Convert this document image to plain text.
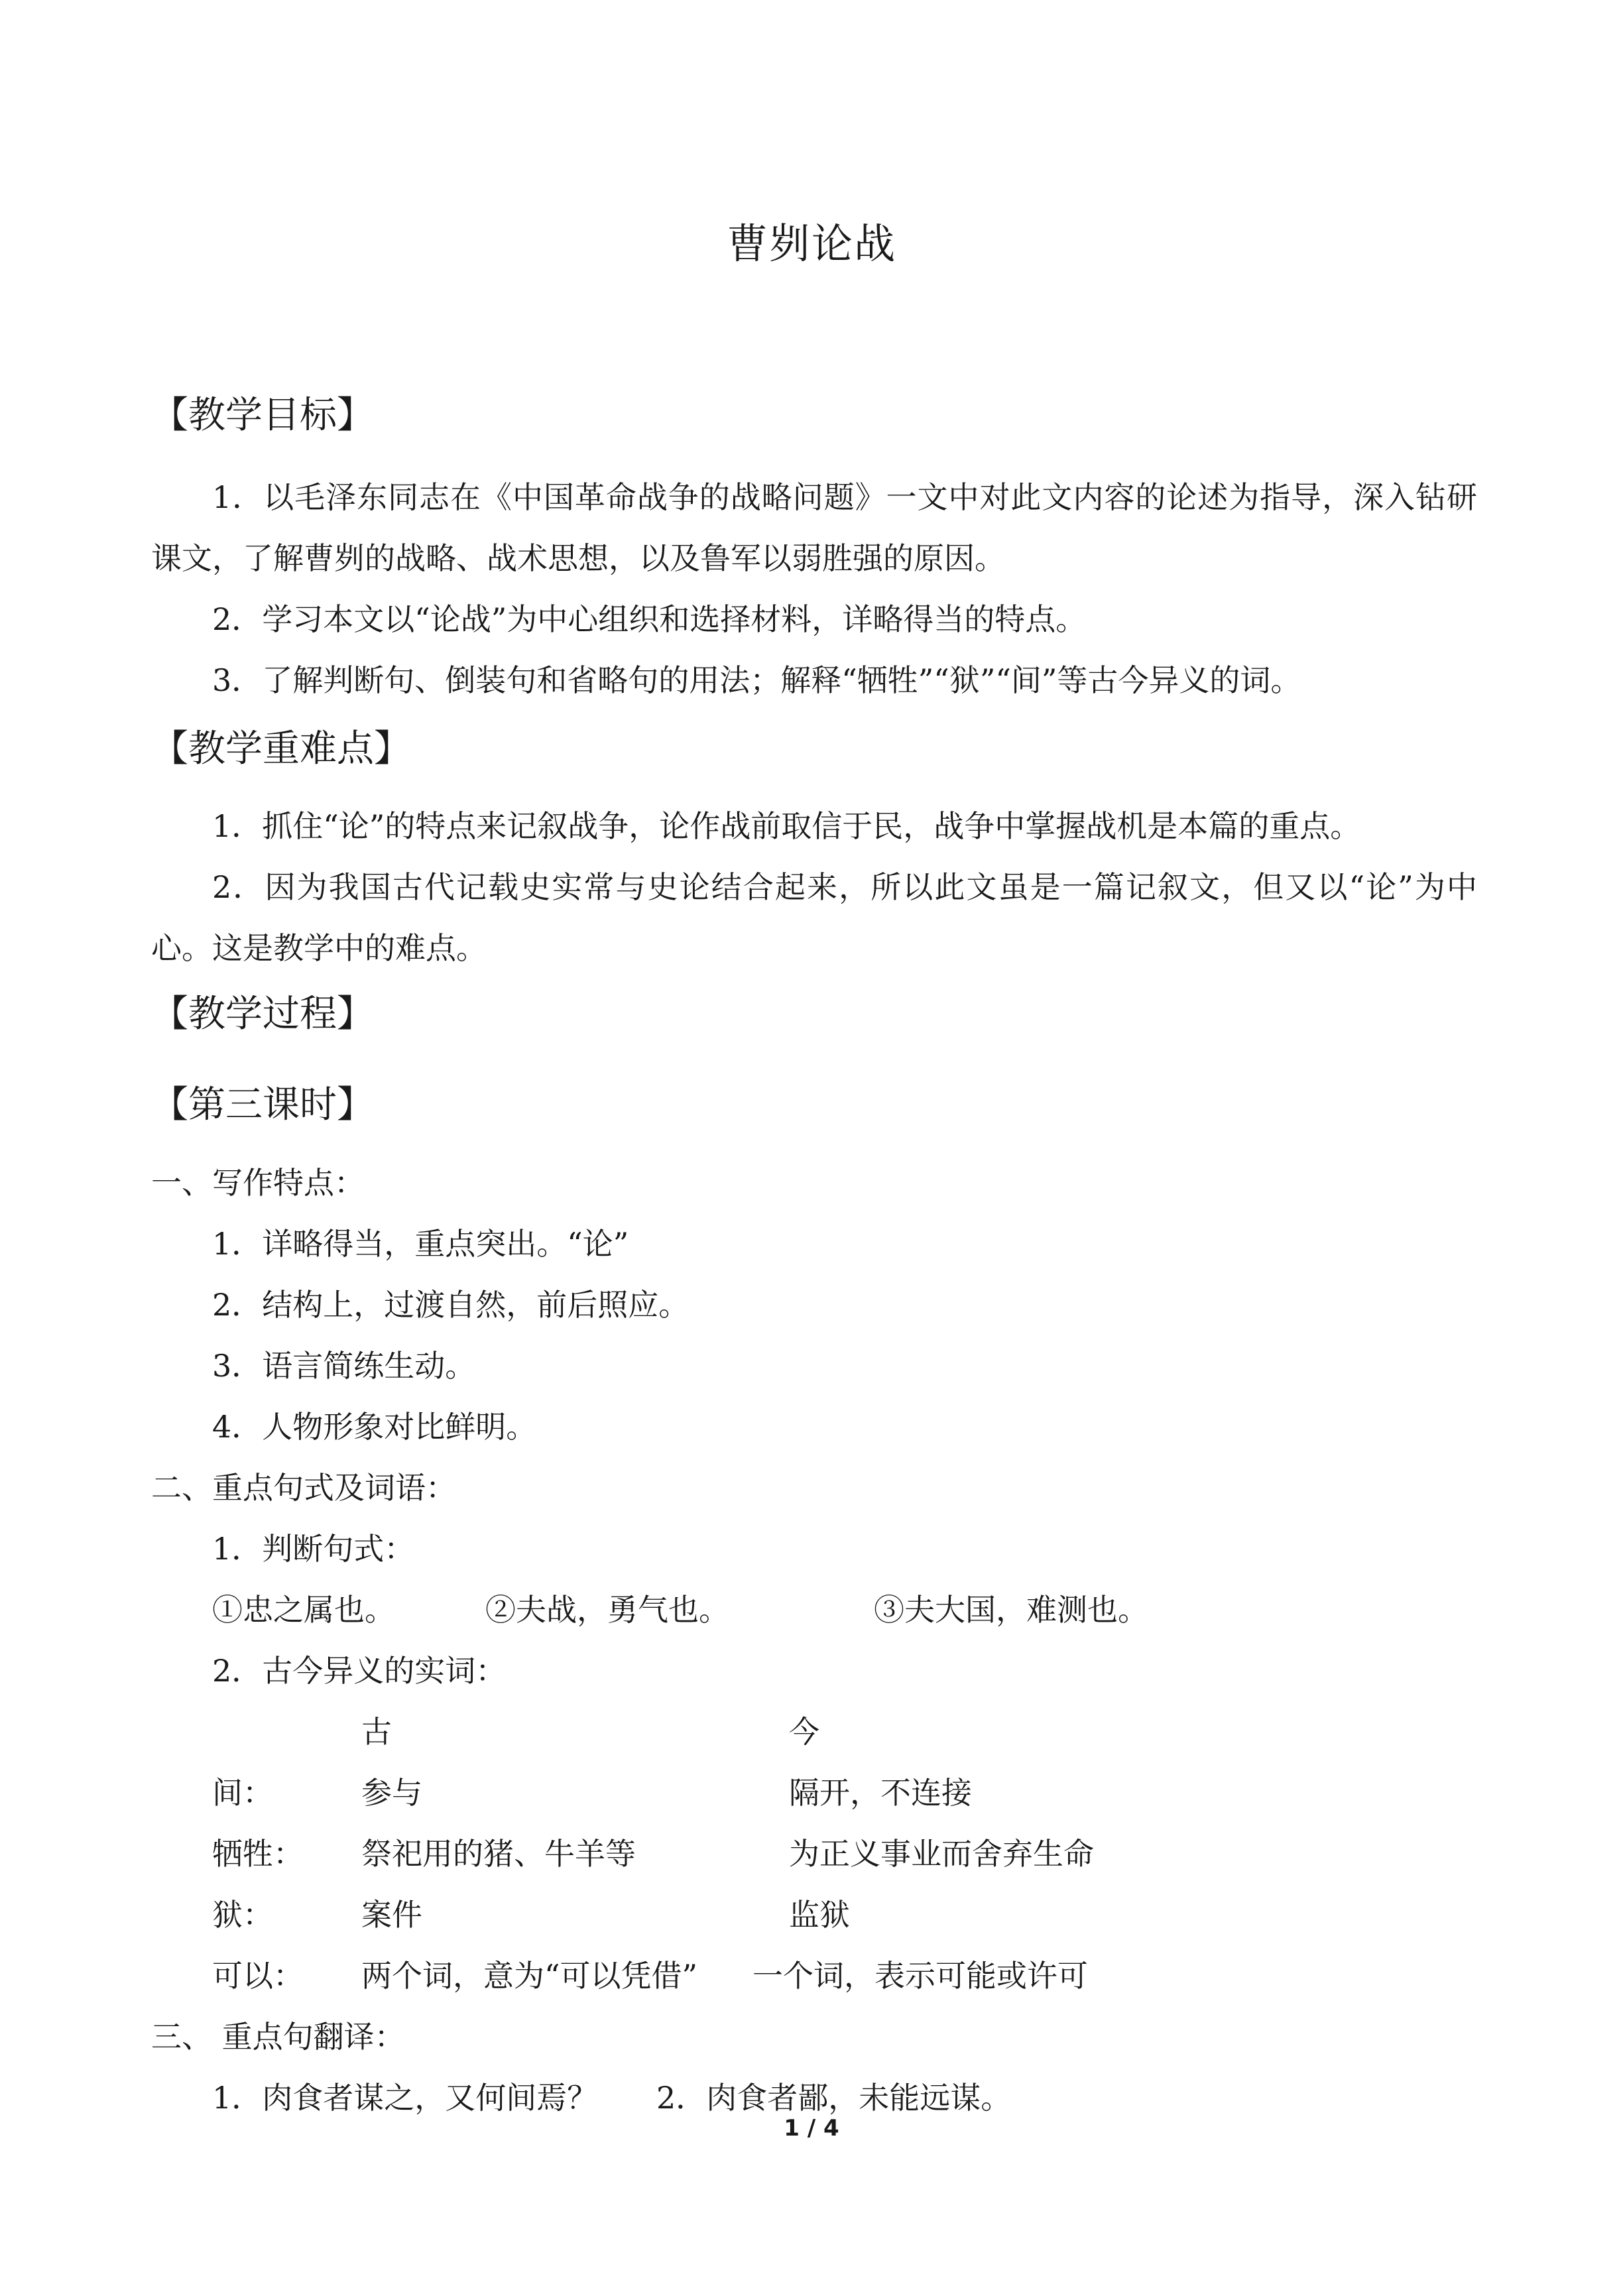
曹刿论战
【教学目标】
1．以毛泽东同志在《中国革命战争的战略问题》一文中对此文内容的论述为指导，深入钻研课文，了解曹刿的战略、战术思想，以及鲁军以弱胜强的原因。
2．学习本文以“论战”为中心组织和选择材料，详略得当的特点。
3．了解判断句、倒装句和省略句的用法；解释“牺牲”“狱”“间”等古今异义的词。
【教学重难点】
1．抓住“论”的特点来记叙战争，论作战前取信于民，战争中掌握战机是本篇的重点。
2．因为我国古代记载史实常与史论结合起来，所以此文虽是一篇记叙文，但又以“论”为中心。这是教学中的难点。
【教学过程】
【第三课时】
一、写作特点：
1．详略得当，重点突出。“论”
2．结构上，过渡自然，前后照应。
3．语言简练生动。
4．人物形象对比鲜明。
二、重点句式及词语：
1．判断句式：
①忠之属也。	②夫战，勇气也。	③夫大国，难测也。
2．古今异义的实词：
古	今
间：	参与	隔开，不连接
牺牲： 祭祀用的猪、牛羊等	为正义事业而舍弃生命
狱：	案件	监狱
可以： 两个词，意为“可以凭借” 一个词，表示可能或许可
三、 重点句翻译：
1．肉食者谋之，又何间焉？ 2．肉食者鄙，未能远谋。
1 / 4
